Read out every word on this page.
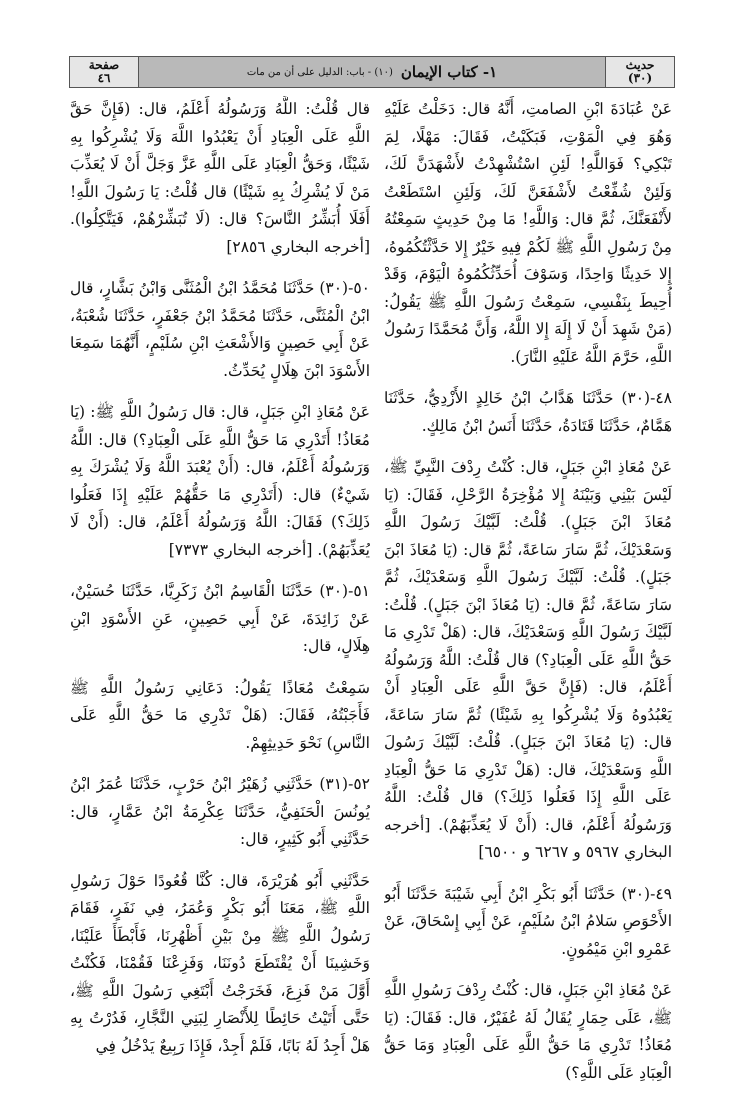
حديث
(٣٠)
١- كتاب الإيمان
(١٠) - باب: الدليل على أن من مات
صفحة
٤٦

عَنْ عُبَادَةَ ابْنِ الصامتِ، أَنَّهُ قال: دَخَلْتُ عَلَيْهِ وَهُوَ فِي الْمَوْتِ، فَبَكَيْتُ، فَقَالَ: مَهْلًا، لِمَ تَبْكِي؟ فَوَاللَّهِ! لَئِنِ اسْتُشْهِدْتُ لأَشْهَدَنَّ لَكَ، وَلَئِنْ شُفِّعْتُ لأَشْفَعَنَّ لَكَ، وَلَئِنِ اسْتَطَعْتُ لأَنْفَعَنَّكَ، ثُمَّ قال: وَاللَّهِ! مَا مِنْ حَدِيثٍ سَمِعْتُهُ مِنْ رَسُولِ اللَّهِ ﷺ لَكُمْ فِيهِ خَيْرٌ إِلا حَدَّثْتُكُمُوهُ، إِلا حَدِيثًا وَاحِدًا، وَسَوْفَ أُحَدِّثُكُمُوهُ الْيَوْمَ، وَقَدْ أُحِيطَ بِنَفْسِي، سَمِعْتُ رَسُولَ اللَّهِ ﷺ يَقُولُ: (مَنْ شَهِدَ أَنْ لَا إِلَهَ إِلا اللَّهُ، وَأَنَّ مُحَمَّدًا رَسُولُ اللَّهِ، حَرَّمَ اللَّهُ عَلَيْهِ النَّارَ).

٤٨-(٣٠) حَدَّثَنَا هَدَّابُ ابْنُ خَالِدٍ الأَزْدِيُّ، حَدَّثَنَا هَمَّامٌ، حَدَّثَنَا قَتَادَةُ، حَدَّثَنَا أَنَسُ ابْنُ مَالِكٍ.

عَنْ مُعَاذِ ابْنِ جَبَلٍ، قال: كُنْتُ رِدْفَ النَّبِيِّ ﷺ، لَيْسَ بَيْنِي وَبَيْنَهُ إِلا مُؤْخِرَةُ الرَّحْلِ، فَقَالَ: (يَا مُعَاذَ ابْنَ جَبَلٍ). قُلْتُ: لَبَّيْكَ رَسُولَ اللَّهِ وَسَعْدَيْكَ، ثُمَّ سَارَ سَاعَةً، ثُمَّ قال: (يَا مُعَاذَ ابْنَ جَبَلٍ). قُلْتُ: لَبَّيْكَ رَسُولَ اللَّهِ وَسَعْدَيْكَ، ثُمَّ سَارَ سَاعَةً، ثُمَّ قال: (يَا مُعَاذَ ابْنَ جَبَلٍ). قُلْتُ: لَبَّيْكَ رَسُولَ اللَّهِ وَسَعْدَيْكَ، قال: (هَلْ تَدْرِي مَا حَقُّ اللَّهِ عَلَى الْعِبَادِ؟) قال قُلْتُ: اللَّهُ وَرَسُولُهُ أَعْلَمُ، قال: (فَإِنَّ حَقَّ اللَّهِ عَلَى الْعِبَادِ أَنْ يَعْبُدُوهُ وَلَا يُشْرِكُوا بِهِ شَيْئًا) ثُمَّ سَارَ سَاعَةً، قال: (يَا مُعَاذَ ابْنَ جَبَلٍ). قُلْتُ: لَبَّيْكَ رَسُولَ اللَّهِ وَسَعْدَيْكَ، قال: (هَلْ تَدْرِي مَا حَقُّ الْعِبَادِ عَلَى اللَّهِ إِذَا فَعَلُوا ذَلِكَ؟) قال قُلْتُ: اللَّهُ وَرَسُولُهُ أَعْلَمُ، قال: (أَنْ لَا يُعَذِّبَهُمْ). [أخرجه البخاري ٥٩٦٧ و ٦٢٦٧ و ٦٥٠٠]

٤٩-(٣٠) حَدَّثَنَا أَبُو بَكْرِ ابْنُ أَبِي شَيْبَةَ حَدَّثَنَا أَبُو الأَحْوَصِ سَلامُ ابْنُ سُلَيْمٍ، عَنْ أَبِي إِسْحَاقَ، عَنْ عَمْرِو ابْنِ مَيْمُونٍ.

عَنْ مُعَاذِ ابْنِ جَبَلٍ، قال: كُنْتُ رِدْفَ رَسُولِ اللَّهِ ﷺ، عَلَى حِمَارٍ يُقَالُ لَهُ عُفَيْرٌ، قال: فَقَالَ: (يَا مُعَاذُ! تَدْرِي مَا حَقُّ اللَّهِ عَلَى الْعِبَادِ وَمَا حَقُّ الْعِبَادِ عَلَى اللَّهِ؟)

قال قُلْتُ: اللَّهُ وَرَسُولُهُ أَعْلَمُ، قال: (فَإِنَّ حَقَّ اللَّهِ عَلَى الْعِبَادِ أَنْ يَعْبُدُوا اللَّهَ وَلَا يُشْرِكُوا بِهِ شَيْئًا، وَحَقُّ الْعِبَادِ عَلَى اللَّهِ عَزَّ وَجَلَّ أَنْ لَا يُعَذِّبَ مَنْ لَا يُشْرِكُ بِهِ شَيْئًا) قال قُلْتُ: يَا رَسُولَ اللَّهِ! أَفَلَا أُبَشِّرُ النَّاسَ؟ قال: (لَا تُبَشِّرْهُمْ، فَيَتَّكِلُوا). [أخرجه البخاري ٢٨٥٦]

٥٠-(٣٠) حَدَّثَنَا مُحَمَّدُ ابْنُ الْمُثَنَّى وَابْنُ بَشَّارٍ، قال ابْنُ الْمُثَنَّى، حَدَّثَنَا مُحَمَّدُ ابْنُ جَعْفَرٍ، حَدَّثَنَا شُعْبَةُ، عَنْ أَبِي حَصِينٍ وَالأَشْعَثِ ابْنِ سُلَيْمٍ، أَنَّهُمَا سَمِعَا الأَسْوَدَ ابْنَ هِلَالٍ يُحَدِّثُ.

عَنْ مُعَاذِ ابْنِ جَبَلٍ، قال: قال رَسُولُ اللَّهِ ﷺ: (يَا مُعَاذُ! أَتَدْرِي مَا حَقُّ اللَّهِ عَلَى الْعِبَادِ؟) قال: اللَّهُ وَرَسُولُهُ أَعْلَمُ، قال: (أَنْ يُعْبَدَ اللَّهُ وَلَا يُشْرَكَ بِهِ شَيْءٌ) قال: (أَتَدْرِي مَا حَقُّهُمْ عَلَيْهِ إِذَا فَعَلُوا ذَلِكَ؟) فَقَالَ: اللَّهُ وَرَسُولُهُ أَعْلَمُ، قال: (أَنْ لَا يُعَذِّبَهُمْ). [أخرجه البخاري ٧٣٧٣]

٥١-(٣٠) حَدَّثَنَا الْقَاسِمُ ابْنُ زَكَرِيَّا، حَدَّثَنَا حُسَيْنٌ، عَنْ زَائِدَةَ، عَنْ أَبِي حَصِينٍ، عَنِ الأَسْوَدِ ابْنِ هِلَالٍ، قال:

سَمِعْتُ مُعَاذًا يَقُولُ: دَعَانِي رَسُولُ اللَّهِ ﷺ فَأَجَبْتُهُ، فَقَالَ: (هَلْ تَدْرِي مَا حَقُّ اللَّهِ عَلَى النَّاسِ) نَحْوَ حَدِيثِهِمْ.

٥٢-(٣١) حَدَّثَنِي زُهَيْرُ ابْنُ حَرْبٍ، حَدَّثَنَا عُمَرُ ابْنُ يُونُسَ الْحَنَفِيُّ، حَدَّثَنَا عِكْرِمَةُ ابْنُ عَمَّارٍ، قال: حَدَّثَنِي أَبُو كَثِيرٍ، قال:

حَدَّثَنِي أَبُو هُرَيْرَةَ، قال: كُنَّا قُعُودًا حَوْلَ رَسُولِ اللَّهِ ﷺ، مَعَنَا أَبُو بَكْرٍ وَعُمَرُ، فِي نَفَرٍ، فَقَامَ رَسُولُ اللَّهِ ﷺ مِنْ بَيْنِ أَظْهُرِنَا، فَأَبْطَأَ عَلَيْنَا، وَخَشِينَا أَنْ يُقْتَطَعَ دُونَنَا، وَفَزِعْنَا فَقُمْنَا، فَكُنْتُ أَوَّلَ مَنْ فَزِعَ، فَخَرَجْتُ أَبْتَغِي رَسُولَ اللَّهِ ﷺ، حَتَّى أَتَيْتُ حَائِطًا لِلأَنْصَارِ لِبَنِي النَّجَّارِ، فَدُرْتُ بِهِ هَلْ أَجِدُ لَهُ بَابًا، فَلَمْ أَجِدْ، فَإِذَا رَبِيعٌ يَدْخُلُ فِي
